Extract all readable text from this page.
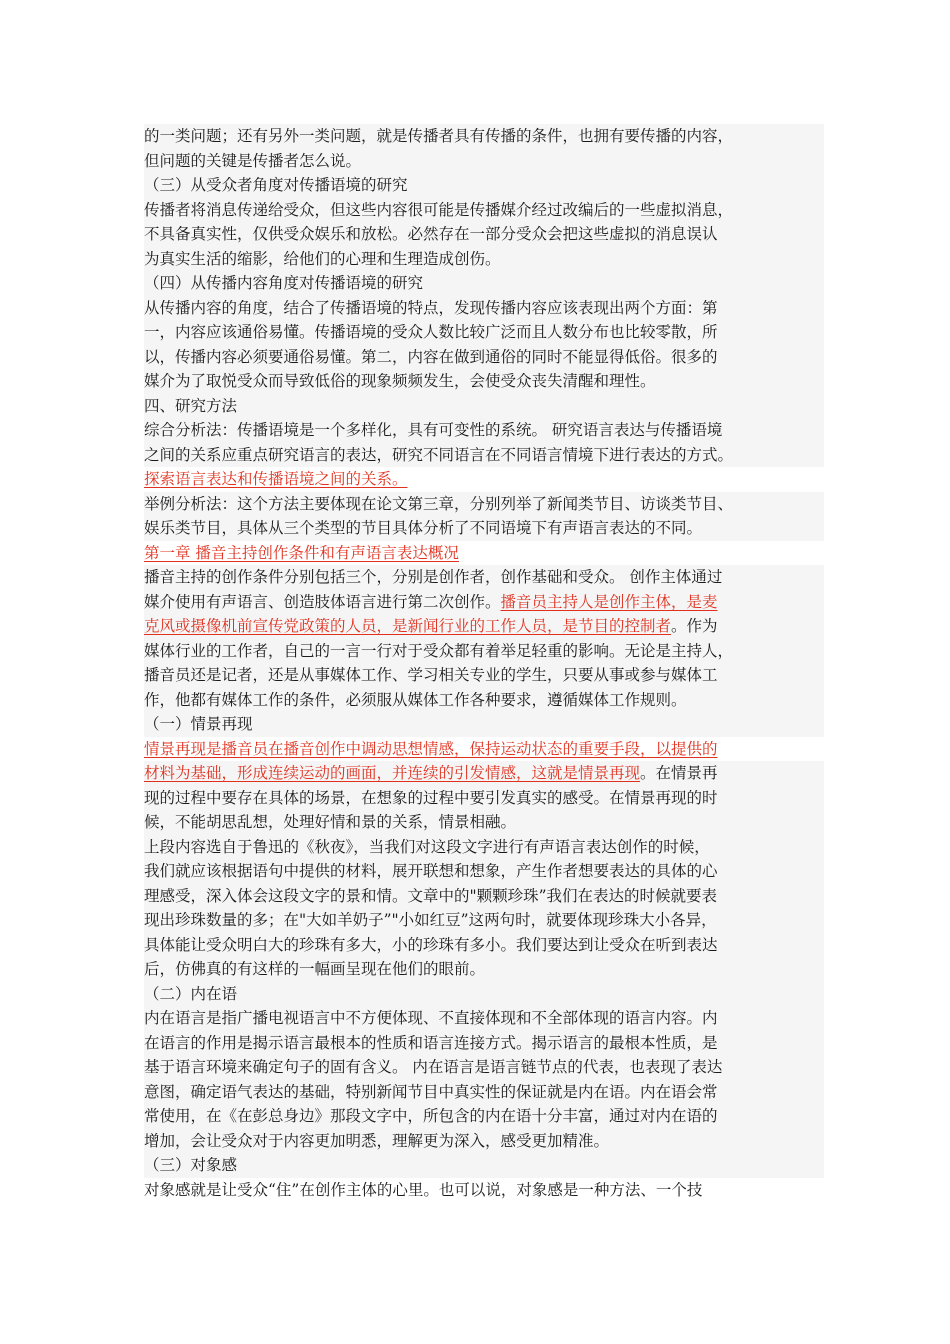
的一类问题；还有另外一类问题，就是传播者具有传播的条件，也拥有要传播的内容，
但问题的关键是传播者怎么说。
（三）从受众者角度对传播语境的研究
传播者将消息传递给受众，但这些内容很可能是传播媒介经过改编后的一些虚拟消息，
不具备真实性，仅供受众娱乐和放松。必然存在一部分受众会把这些虚拟的消息误认
为真实生活的缩影，给他们的心理和生理造成创伤。
（四）从传播内容角度对传播语境的研究
从传播内容的角度，结合了传播语境的特点，发现传播内容应该表现出两个方面：第
一，内容应该通俗易懂。传播语境的受众人数比较广泛而且人数分布也比较零散，所
以，传播内容必须要通俗易懂。第二，内容在做到通俗的同时不能显得低俗。很多的
媒介为了取悦受众而导致低俗的现象频频发生，会使受众丧失清醒和理性。
四、研究方法
综合分析法：传播语境是一个多样化，具有可变性的系统。 研究语言表达与传播语境
之间的关系应重点研究语言的表达，研究不同语言在不同语言情境下进行表达的方式。
探索语言表达和传播语境之间的关系。
举例分析法：这个方法主要体现在论文第三章，分别列举了新闻类节目、访谈类节目、
娱乐类节目，具体从三个类型的节目具体分析了不同语境下有声语言表达的不同。
第一章 播音主持创作条件和有声语言表达概况
播音主持的创作条件分别包括三个，分别是创作者，创作基础和受众。 创作主体通过
媒介使用有声语言、创造肢体语言进行第二次创作。播音员主持人是创作主体，是麦
克风或摄像机前宣传党政策的人员，是新闻行业的工作人员，是节目的控制者。作为
媒体行业的工作者，自己的一言一行对于受众都有着举足轻重的影响。无论是主持人，
播音员还是记者，还是从事媒体工作、学习相关专业的学生，只要从事或参与媒体工
作，他都有媒体工作的条件，必须服从媒体工作各种要求，遵循媒体工作规则。
（一）情景再现
情景再现是播音员在播音创作中调动思想情感，保持运动状态的重要手段，以提供的
材料为基础，形成连续运动的画面，并连续的引发情感，这就是情景再现。在情景再
现的过程中要存在具体的场景，在想象的过程中要引发真实的感受。在情景再现的时
候，不能胡思乱想，处理好情和景的关系，情景相融。
上段内容选自于鲁迅的《秋夜》，当我们对这段文字进行有声语言表达创作的时候，
我们就应该根据语句中提供的材料，展开联想和想象，产生作者想要表达的具体的心
理感受，深入体会这段文字的景和情。文章中的"颗颗珍珠”我们在表达的时候就要表
现出珍珠数量的多；在"大如羊奶子”"小如红豆”这两句时，就要体现珍珠大小各异，
具体能让受众明白大的珍珠有多大，小的珍珠有多小。我们要达到让受众在听到表达
后，仿佛真的有这样的一幅画呈现在他们的眼前。
（二）内在语
内在语言是指广播电视语言中不方便体现、不直接体现和不全部体现的语言内容。内
在语言的作用是揭示语言最根本的性质和语言连接方式。揭示语言的最根本性质，是
基于语言环境来确定句子的固有含义。 内在语言是语言链节点的代表，也表现了表达
意图，确定语气表达的基础，特别新闻节目中真实性的保证就是内在语。内在语会常
常使用，在《在彭总身边》那段文字中，所包含的内在语十分丰富，通过对内在语的
增加，会让受众对于内容更加明悉，理解更为深入，感受更加精准。
（三）对象感
对象感就是让受众“住”在创作主体的心里。也可以说，对象感是一种方法、一个技
